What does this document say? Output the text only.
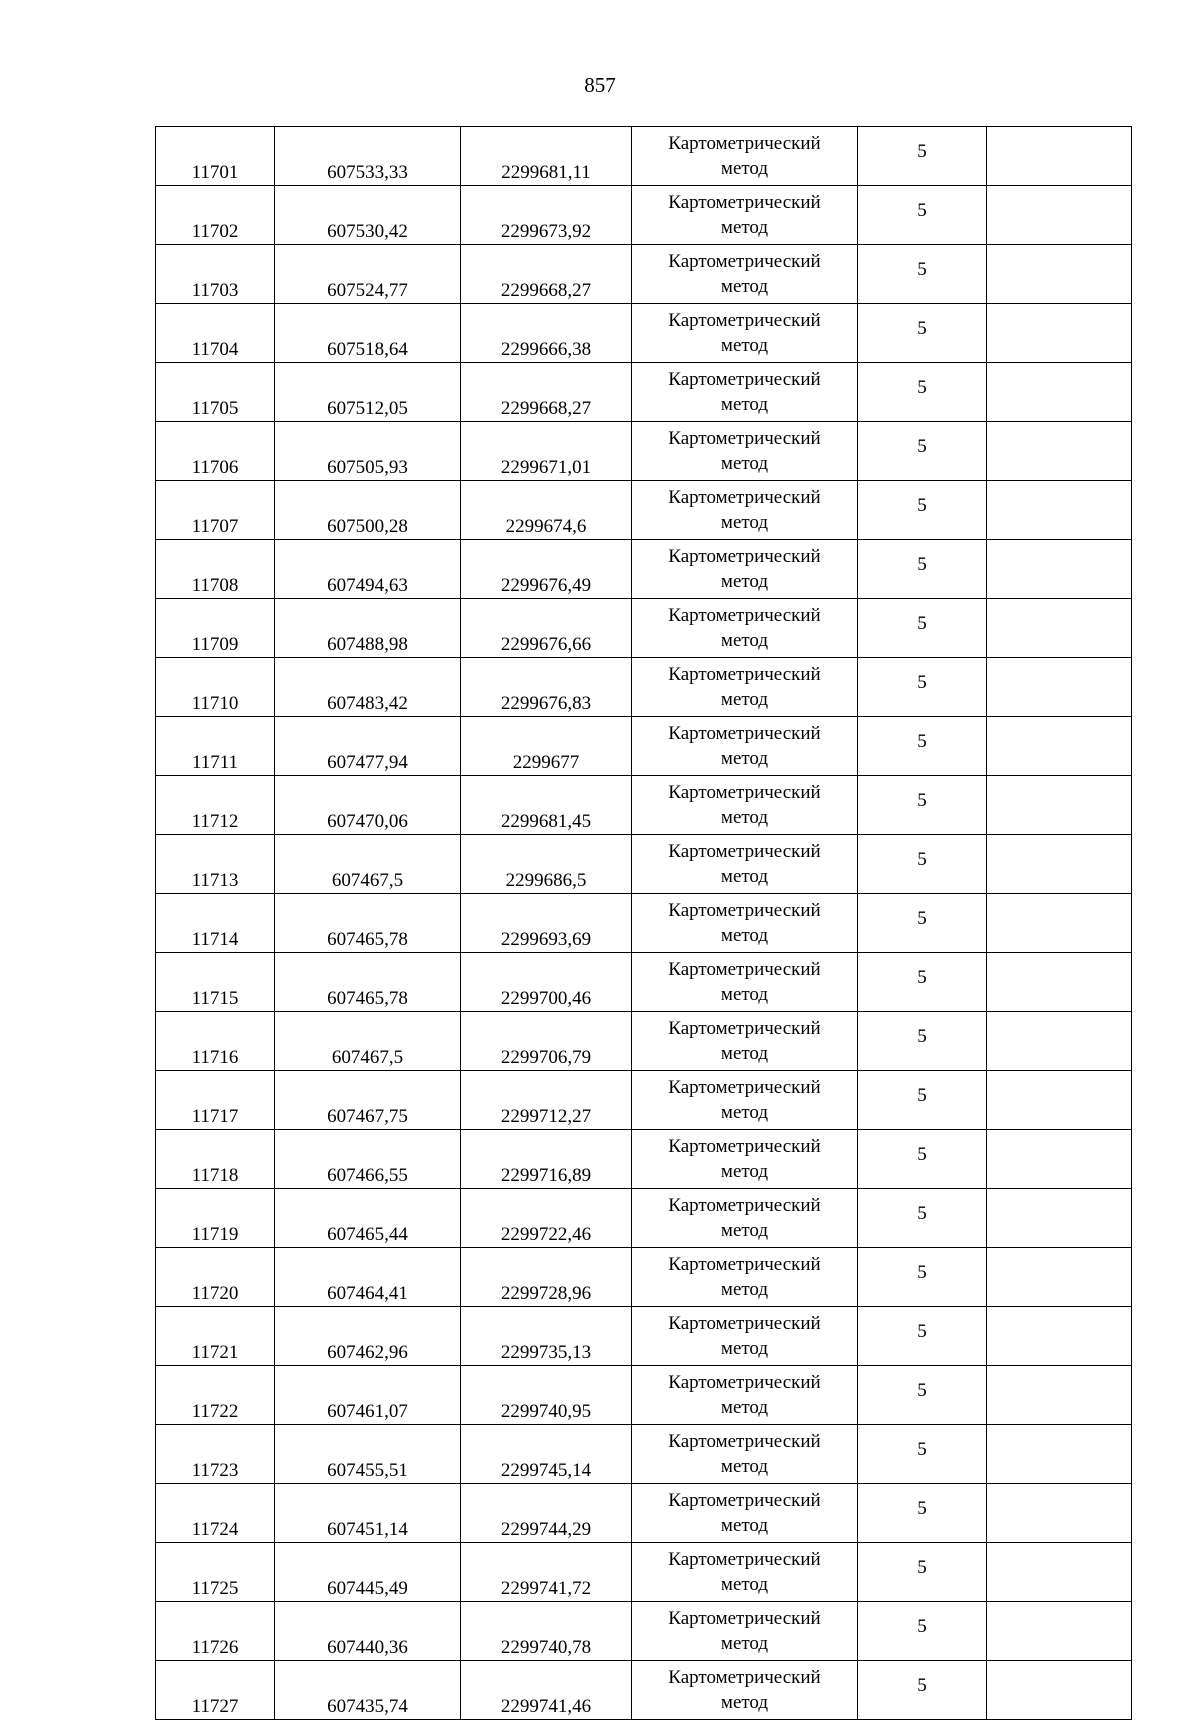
857
11701	607533,33	2299681,11	Картометрический
метод	5	
11702	607530,42	2299673,92	Картометрический
метод	5	
11703	607524,77	2299668,27	Картометрический
метод	5	
11704	607518,64	2299666,38	Картометрический
метод	5	
11705	607512,05	2299668,27	Картометрический
метод	5	
11706	607505,93	2299671,01	Картометрический
метод	5	
11707	607500,28	2299674,6	Картометрический
метод	5	
11708	607494,63	2299676,49	Картометрический
метод	5	
11709	607488,98	2299676,66	Картометрический
метод	5	
11710	607483,42	2299676,83	Картометрический
метод	5	
11711	607477,94	2299677	Картометрический
метод	5	
11712	607470,06	2299681,45	Картометрический
метод	5	
11713	607467,5	2299686,5	Картометрический
метод	5	
11714	607465,78	2299693,69	Картометрический
метод	5	
11715	607465,78	2299700,46	Картометрический
метод	5	
11716	607467,5	2299706,79	Картометрический
метод	5	
11717	607467,75	2299712,27	Картометрический
метод	5	
11718	607466,55	2299716,89	Картометрический
метод	5	
11719	607465,44	2299722,46	Картометрический
метод	5	
11720	607464,41	2299728,96	Картометрический
метод	5	
11721	607462,96	2299735,13	Картометрический
метод	5	
11722	607461,07	2299740,95	Картометрический
метод	5	
11723	607455,51	2299745,14	Картометрический
метод	5	
11724	607451,14	2299744,29	Картометрический
метод	5	
11725	607445,49	2299741,72	Картометрический
метод	5	
11726	607440,36	2299740,78	Картометрический
метод	5	
11727	607435,74	2299741,46	Картометрический
метод	5	
